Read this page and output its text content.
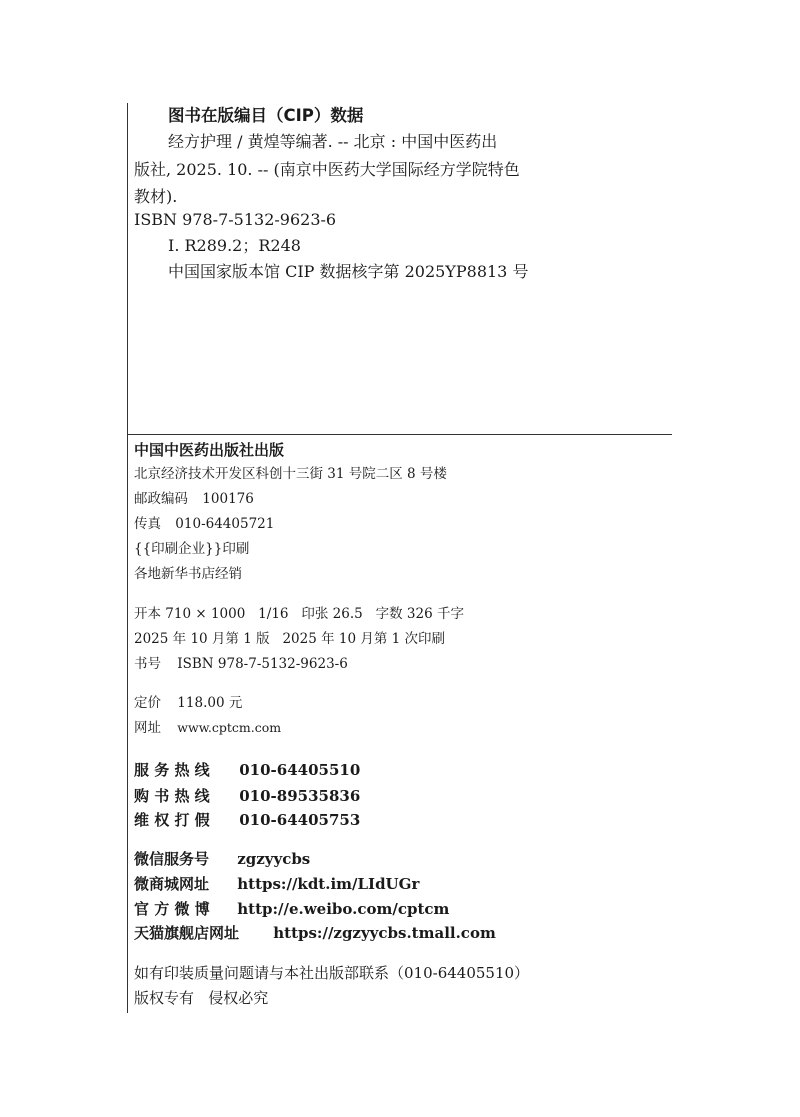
图书在版编目（CIP）数据
经方护理 / 黄煌等编著. -- 北京 : 中国中医药出
版社, 2025. 10. -- (南京中医药大学国际经方学院特色
教材).
ISBN 978-7-5132-9623-6
Ⅰ. R289.2；R248
中国国家版本馆 CIP 数据核字第 2025YP8813 号
中国中医药出版社出版
北京经济技术开发区科创十三街 31 号院二区 8 号楼
邮政编码 100176
传真 010-64405721
{{印刷企业}}印刷
各地新华书店经销
开本 710 × 1000   1/16   印张 26.5   字数 326 千字
2025 年 10 月第 1 版   2025 年 10 月第 1 次印刷
书号 ISBN 978-7-5132-9623-6
定价 118.00 元
网址 www.cptcm.com
服 务 热 线 010-64405510
购 书 热 线 010-89535836
维 权 打 假 010-64405753
微信服务号 zgzyycbs
微商城网址 https://kdt.im/LIdUGr
官 方 微 博 http://e.weibo.com/cptcm
天猫旗舰店网址 https://zgzyycbs.tmall.com
如有印装质量问题请与本社出版部联系（010-64405510）
版权专有   侵权必究
